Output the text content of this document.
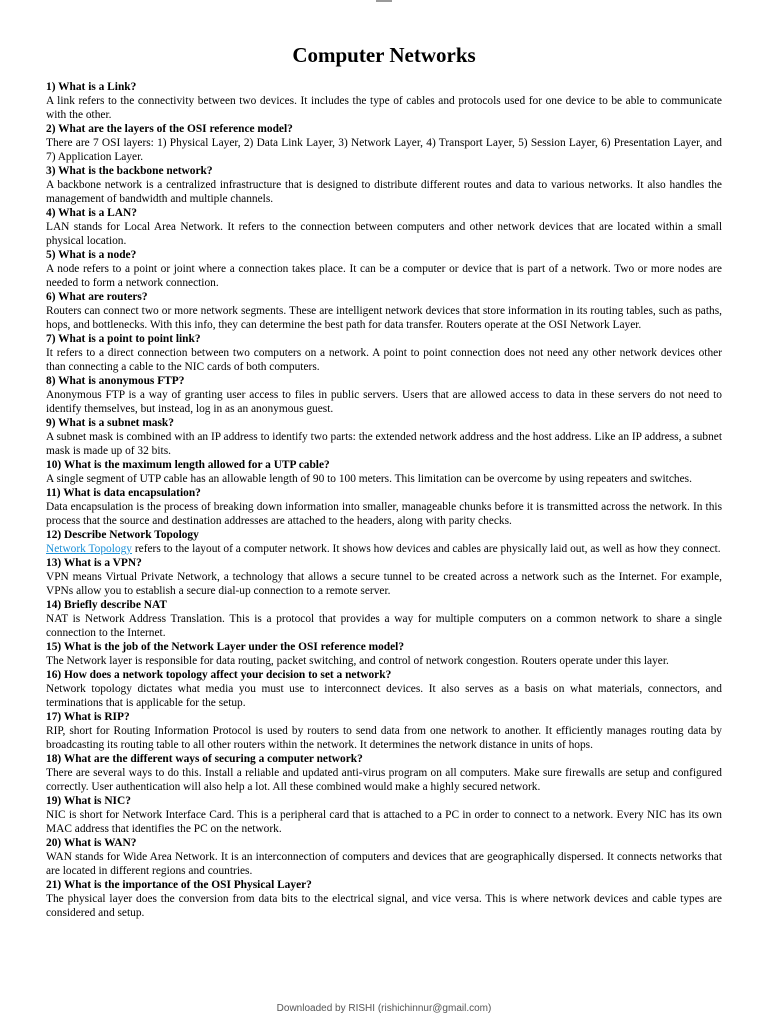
Computer Networks
1) What is a Link?
A link refers to the connectivity between two devices. It includes the type of cables and protocols used for one device to be able to communicate with the other.
2) What are the layers of the OSI reference model?
There are 7 OSI layers: 1) Physical Layer, 2) Data Link Layer, 3) Network Layer, 4) Transport Layer, 5) Session Layer, 6) Presentation Layer, and 7) Application Layer.
3) What is the backbone network?
A backbone network is a centralized infrastructure that is designed to distribute different routes and data to various networks. It also handles the management of bandwidth and multiple channels.
4) What is a LAN?
LAN stands for Local Area Network. It refers to the connection between computers and other network devices that are located within a small physical location.
5) What is a node?
A node refers to a point or joint where a connection takes place. It can be a computer or device that is part of a network. Two or more nodes are needed to form a network connection.
6) What are routers?
Routers can connect two or more network segments. These are intelligent network devices that store information in its routing tables, such as paths, hops, and bottlenecks. With this info, they can determine the best path for data transfer. Routers operate at the OSI Network Layer.
7) What is a point to point link?
It refers to a direct connection between two computers on a network. A point to point connection does not need any other network devices other than connecting a cable to the NIC cards of both computers.
8) What is anonymous FTP?
Anonymous FTP is a way of granting user access to files in public servers. Users that are allowed access to data in these servers do not need to identify themselves, but instead, log in as an anonymous guest.
9) What is a subnet mask?
A subnet mask is combined with an IP address to identify two parts: the extended network address and the host address. Like an IP address, a subnet mask is made up of 32 bits.
10) What is the maximum length allowed for a UTP cable?
A single segment of UTP cable has an allowable length of 90 to 100 meters. This limitation can be overcome by using repeaters and switches.
11) What is data encapsulation?
Data encapsulation is the process of breaking down information into smaller, manageable chunks before it is transmitted across the network. In this process that the source and destination addresses are attached to the headers, along with parity checks.
12) Describe Network Topology
Network Topology refers to the layout of a computer network. It shows how devices and cables are physically laid out, as well as how they connect.
13) What is a VPN?
VPN means Virtual Private Network, a technology that allows a secure tunnel to be created across a network such as the Internet. For example, VPNs allow you to establish a secure dial-up connection to a remote server.
14) Briefly describe NAT
NAT is Network Address Translation. This is a protocol that provides a way for multiple computers on a common network to share a single connection to the Internet.
15) What is the job of the Network Layer under the OSI reference model?
The Network layer is responsible for data routing, packet switching, and control of network congestion. Routers operate under this layer.
16) How does a network topology affect your decision to set a network?
Network topology dictates what media you must use to interconnect devices. It also serves as a basis on what materials, connectors, and terminations that is applicable for the setup.
17) What is RIP?
RIP, short for Routing Information Protocol is used by routers to send data from one network to another. It efficiently manages routing data by broadcasting its routing table to all other routers within the network. It determines the network distance in units of hops.
18) What are the different ways of securing a computer network?
There are several ways to do this. Install a reliable and updated anti-virus program on all computers. Make sure firewalls are setup and configured correctly. User authentication will also help a lot. All these combined would make a highly secured network.
19) What is NIC?
NIC is short for Network Interface Card. This is a peripheral card that is attached to a PC in order to connect to a network. Every NIC has its own MAC address that identifies the PC on the network.
20) What is WAN?
WAN stands for Wide Area Network. It is an interconnection of computers and devices that are geographically dispersed. It connects networks that are located in different regions and countries.
21) What is the importance of the OSI Physical Layer?
The physical layer does the conversion from data bits to the electrical signal, and vice versa. This is where network devices and cable types are considered and setup.
Downloaded by RISHI (rishichinnur@gmail.com)
